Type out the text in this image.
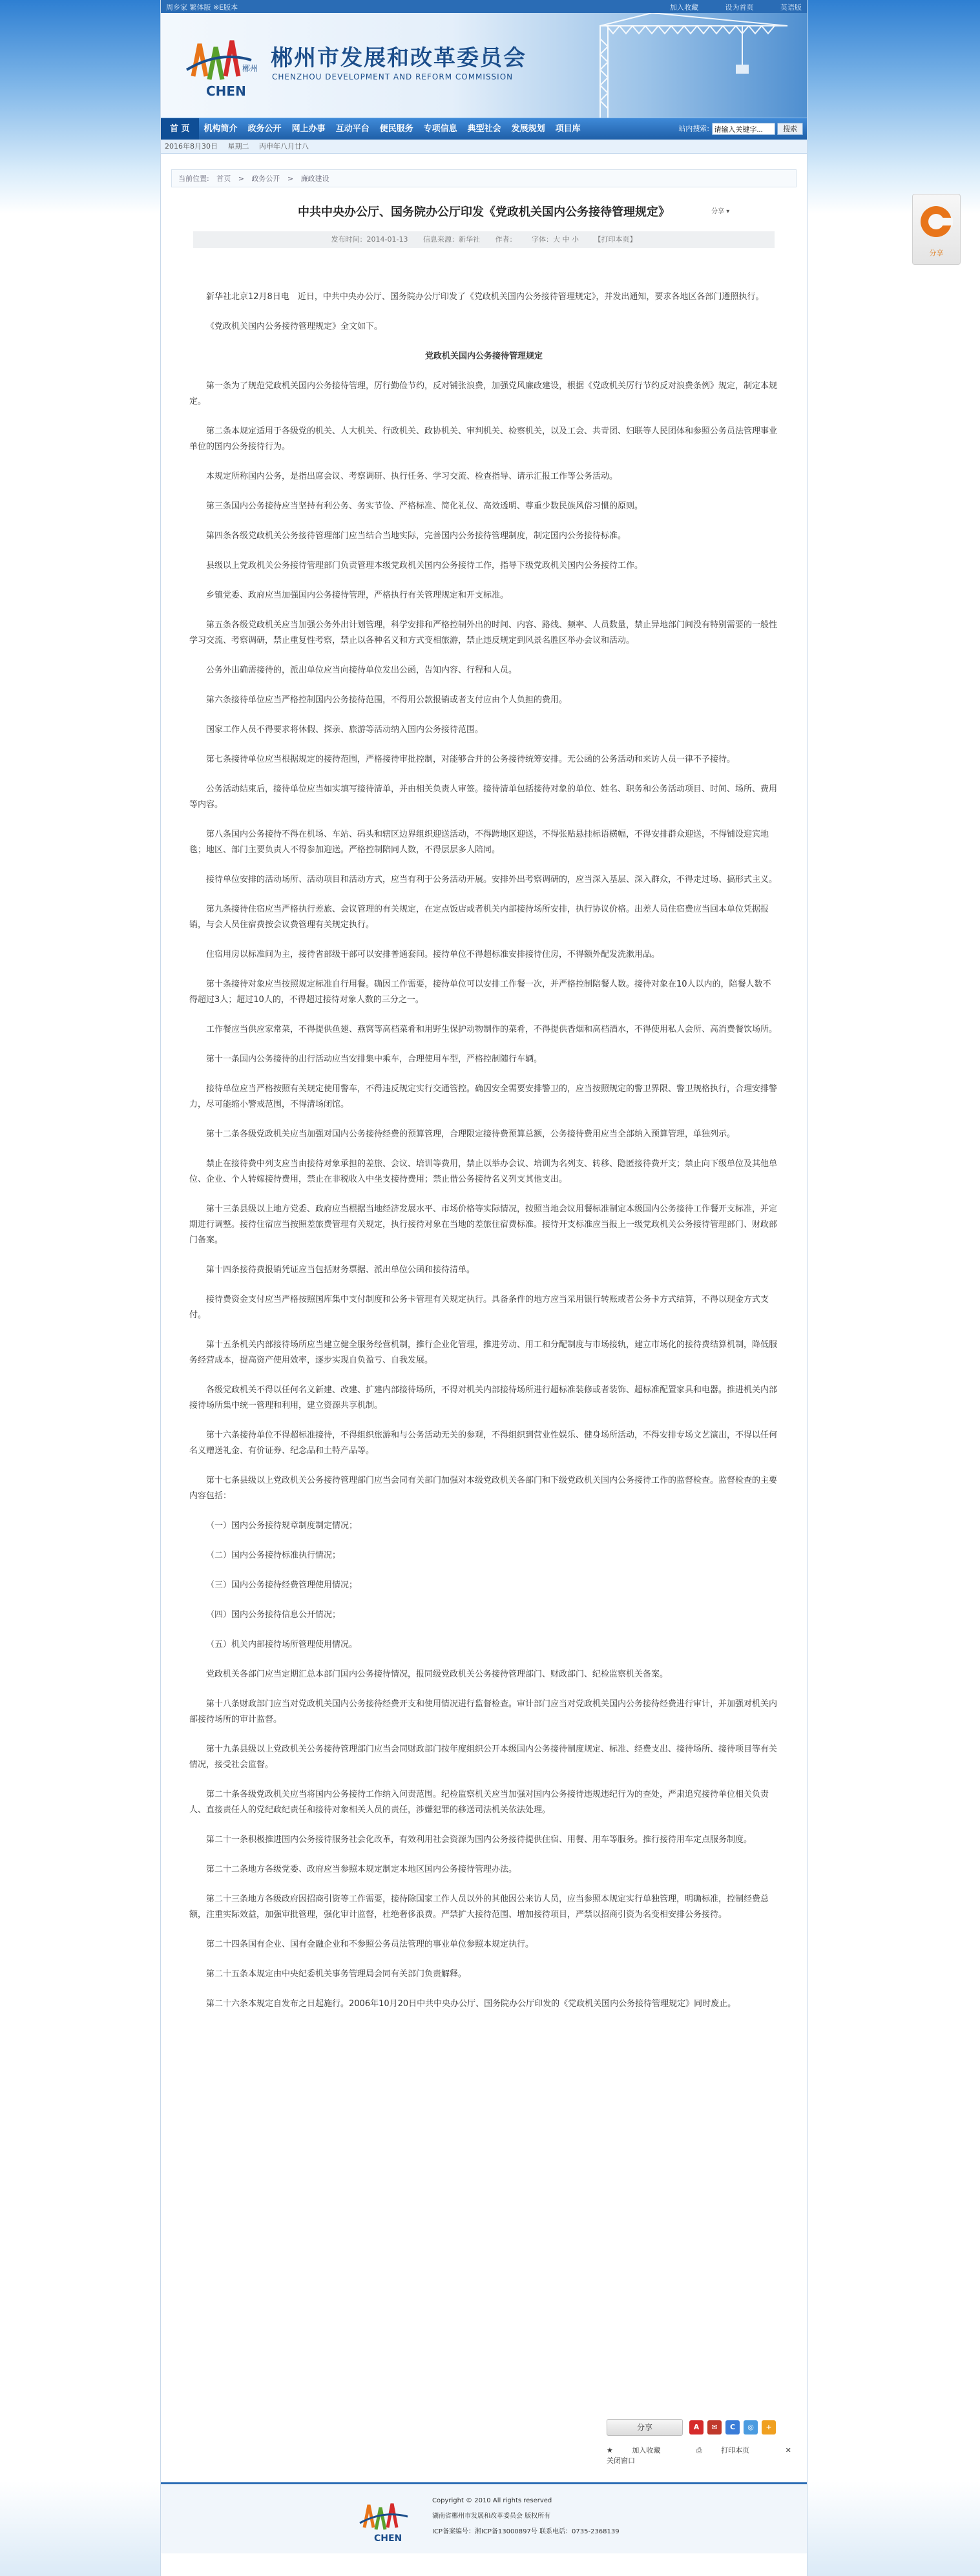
周乡家 繁体版 ※E版本	加入收藏	设为首页	英语版
郴州
CHEN
郴州市发展和改革委员会
CHENZHOU DEVELOPMENT AND REFORM COMMISSION
首 页	机构简介	政务公开	网上办事	互动平台	便民服务	专项信息	典型社会	发展规划	项目库	站内搜索: 请输入关键字...	搜索
2016年8月30日 星期二 丙申年八月廿八
当前位置: 首页 > 政务公开 > 廉政建设
中共中央办公厅、国务院办公厅印发《党政机关国内公务接待管理规定》	分享 ▾
发布时间：2014-01-13 信息来源：新华社 作者： 字体：大 中 小 【打印本页】

新华社北京12月8日电　近日，中共中央办公厅、国务院办公厅印发了《党政机关国内公务接待管理规定》，并发出通知，要求各地区各部门遵照执行。

《党政机关国内公务接待管理规定》全文如下。

党政机关国内公务接待管理规定

第一条为了规范党政机关国内公务接待管理，厉行勤俭节约，反对铺张浪费，加强党风廉政建设，根据《党政机关厉行节约反对浪费条例》规定，制定本规定。

第二条本规定适用于各级党的机关、人大机关、行政机关、政协机关、审判机关、检察机关，以及工会、共青团、妇联等人民团体和参照公务员法管理事业单位的国内公务接待行为。

本规定所称国内公务，是指出席会议、考察调研、执行任务、学习交流、检查指导、请示汇报工作等公务活动。

第三条国内公务接待应当坚持有利公务、务实节俭、严格标准、简化礼仪、高效透明、尊重少数民族风俗习惯的原则。

第四条各级党政机关公务接待管理部门应当结合当地实际，完善国内公务接待管理制度，制定国内公务接待标准。

县级以上党政机关公务接待管理部门负责管理本级党政机关国内公务接待工作，指导下级党政机关国内公务接待工作。

乡镇党委、政府应当加强国内公务接待管理，严格执行有关管理规定和开支标准。

第五条各级党政机关应当加强公务外出计划管理，科学安排和严格控制外出的时间、内容、路线、频率、人员数量，禁止异地部门间没有特别需要的一般性学习交流、考察调研，禁止重复性考察，禁止以各种名义和方式变相旅游，禁止违反规定到风景名胜区举办会议和活动。

公务外出确需接待的，派出单位应当向接待单位发出公函，告知内容、行程和人员。

第六条接待单位应当严格控制国内公务接待范围，不得用公款报销或者支付应由个人负担的费用。

国家工作人员不得要求将休假、探亲、旅游等活动纳入国内公务接待范围。

第七条接待单位应当根据规定的接待范围，严格接待审批控制，对能够合并的公务接待统筹安排。无公函的公务活动和来访人员一律不予接待。

公务活动结束后，接待单位应当如实填写接待清单，并由相关负责人审签。接待清单包括接待对象的单位、姓名、职务和公务活动项目、时间、场所、费用等内容。

第八条国内公务接待不得在机场、车站、码头和辖区边界组织迎送活动，不得跨地区迎送，不得张贴悬挂标语横幅，不得安排群众迎送，不得铺设迎宾地毯；地区、部门主要负责人不得参加迎送。严格控制陪同人数，不得层层多人陪同。

接待单位安排的活动场所、活动项目和活动方式，应当有利于公务活动开展。安排外出考察调研的，应当深入基层、深入群众，不得走过场、搞形式主义。

第九条接待住宿应当严格执行差旅、会议管理的有关规定，在定点饭店或者机关内部接待场所安排，执行协议价格。出差人员住宿费应当回本单位凭据报销，与会人员住宿费按会议费管理有关规定执行。

住宿用房以标准间为主，接待省部级干部可以安排普通套间。接待单位不得超标准安排接待住房，不得额外配发洗漱用品。

第十条接待对象应当按照规定标准自行用餐。确因工作需要，接待单位可以安排工作餐一次，并严格控制陪餐人数。接待对象在10人以内的，陪餐人数不得超过3人；超过10人的，不得超过接待对象人数的三分之一。

工作餐应当供应家常菜，不得提供鱼翅、燕窝等高档菜肴和用野生保护动物制作的菜肴，不得提供香烟和高档酒水，不得使用私人会所、高消费餐饮场所。

第十一条国内公务接待的出行活动应当安排集中乘车，合理使用车型，严格控制随行车辆。

接待单位应当严格按照有关规定使用警车，不得违反规定实行交通管控。确因安全需要安排警卫的，应当按照规定的警卫界限、警卫规格执行，合理安排警力，尽可能缩小警戒范围，不得清场闭馆。

第十二条各级党政机关应当加强对国内公务接待经费的预算管理，合理限定接待费预算总额，公务接待费用应当全部纳入预算管理，单独列示。

禁止在接待费中列支应当由接待对象承担的差旅、会议、培训等费用，禁止以举办会议、培训为名列支、转移、隐匿接待费开支；禁止向下级单位及其他单位、企业、个人转嫁接待费用，禁止在非税收入中坐支接待费用；禁止借公务接待名义列支其他支出。

第十三条县级以上地方党委、政府应当根据当地经济发展水平、市场价格等实际情况，按照当地会议用餐标准制定本级国内公务接待工作餐开支标准，并定期进行调整。接待住宿应当按照差旅费管理有关规定，执行接待对象在当地的差旅住宿费标准。接待开支标准应当报上一级党政机关公务接待管理部门、财政部门备案。

第十四条接待费报销凭证应当包括财务票据、派出单位公函和接待清单。

接待费资金支付应当严格按照国库集中支付制度和公务卡管理有关规定执行。具备条件的地方应当采用银行转账或者公务卡方式结算，不得以现金方式支付。

第十五条机关内部接待场所应当建立健全服务经营机制，推行企业化管理，推进劳动、用工和分配制度与市场接轨，建立市场化的接待费结算机制，降低服务经营成本，提高资产使用效率，逐步实现自负盈亏、自我发展。

各级党政机关不得以任何名义新建、改建、扩建内部接待场所，不得对机关内部接待场所进行超标准装修或者装饰、超标准配置家具和电器。推进机关内部接待场所集中统一管理和利用，建立资源共享机制。

第十六条接待单位不得超标准接待，不得组织旅游和与公务活动无关的参观，不得组织到营业性娱乐、健身场所活动，不得安排专场文艺演出，不得以任何名义赠送礼金、有价证券、纪念品和土特产品等。

第十七条县级以上党政机关公务接待管理部门应当会同有关部门加强对本级党政机关各部门和下级党政机关国内公务接待工作的监督检查。监督检查的主要内容包括：

（一）国内公务接待规章制度制定情况；

（二）国内公务接待标准执行情况；

（三）国内公务接待经费管理使用情况；

（四）国内公务接待信息公开情况；

（五）机关内部接待场所管理使用情况。

党政机关各部门应当定期汇总本部门国内公务接待情况，报同级党政机关公务接待管理部门、财政部门、纪检监察机关备案。

第十八条财政部门应当对党政机关国内公务接待经费开支和使用情况进行监督检查。审计部门应当对党政机关国内公务接待经费进行审计，并加强对机关内部接待场所的审计监督。

第十九条县级以上党政机关公务接待管理部门应当会同财政部门按年度组织公开本级国内公务接待制度规定、标准、经费支出、接待场所、接待项目等有关情况，接受社会监督。

第二十条各级党政机关应当将国内公务接待工作纳入问责范围。纪检监察机关应当加强对国内公务接待违规违纪行为的查处，严肃追究接待单位相关负责人、直接责任人的党纪政纪责任和接待对象相关人员的责任，涉嫌犯罪的移送司法机关依法处理。

第二十一条积极推进国内公务接待服务社会化改革，有效利用社会资源为国内公务接待提供住宿、用餐、用车等服务。推行接待用车定点服务制度。

第二十二条地方各级党委、政府应当参照本规定制定本地区国内公务接待管理办法。

第二十三条地方各级政府因招商引资等工作需要，接待除国家工作人员以外的其他因公来访人员，应当参照本规定实行单独管理，明确标准，控制经费总额，注重实际效益，加强审批管理，强化审计监督，杜绝奢侈浪费。严禁扩大接待范围、增加接待项目，严禁以招商引资为名变相安排公务接待。

第二十四条国有企业、国有金融企业和不参照公务员法管理的事业单位参照本规定执行。

第二十五条本规定由中央纪委机关事务管理局会同有关部门负责解释。

第二十六条本规定自发布之日起施行。2006年10月20日中共中央办公厅、国务院办公厅印发的《党政机关国内公务接待管理规定》同时废止。

分享	A	✉	C	◎	+
★ 加入收藏	⎙ 打印本页	✕ 关闭窗口
CHEN
Copyright © 2010 All rights reserved
湖南省郴州市发展和改革委员会 版权所有
ICP备案编号：湘ICP备13000897号 联系电话：0735-2368139
分享
